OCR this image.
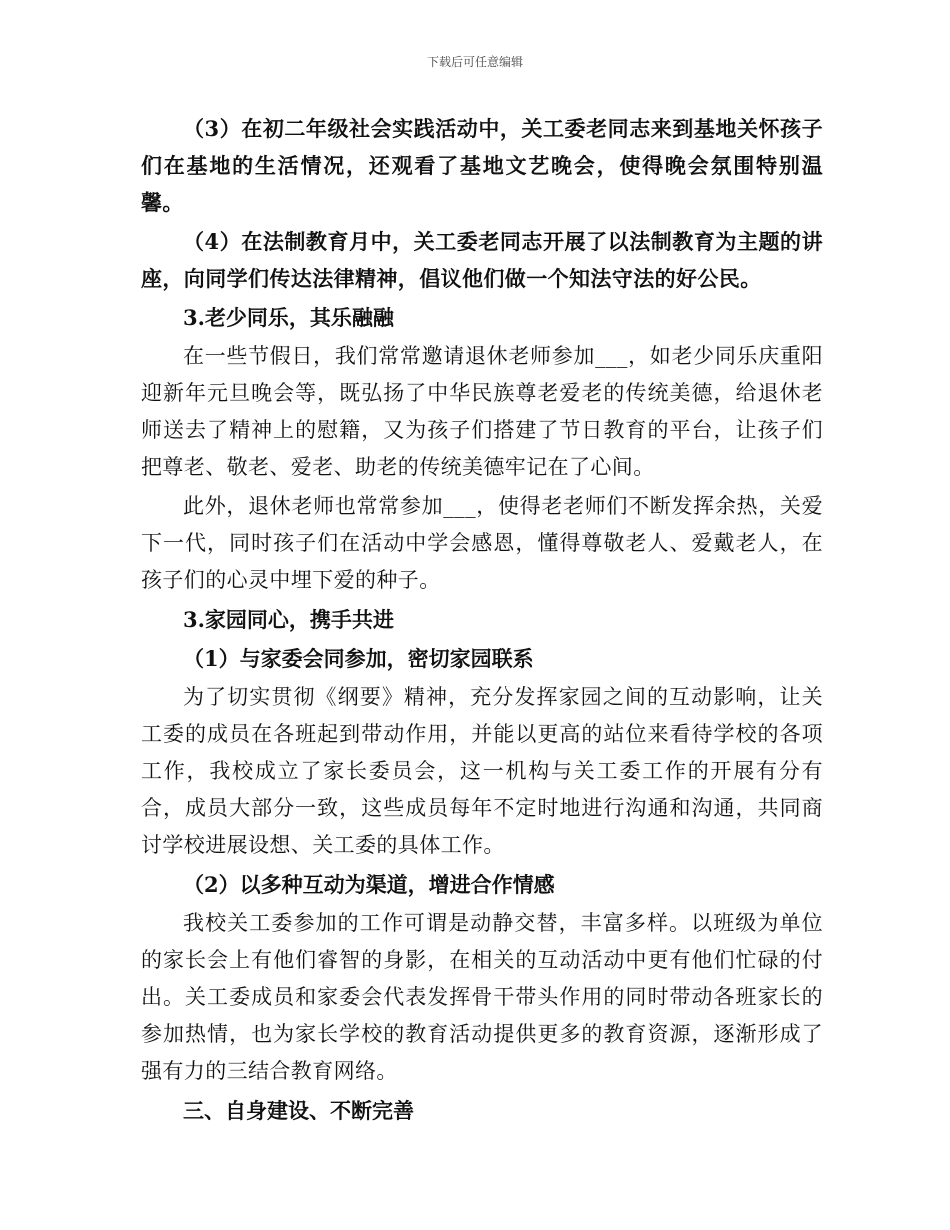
下载后可任意编辑

（3）在初二年级社会实践活动中，关工委老同志来到基地关怀孩子们在基地的生活情况，还观看了基地文艺晚会，使得晚会氛围特别温馨。

（4）在法制教育月中，关工委老同志开展了以法制教育为主题的讲座，向同学们传达法律精神，倡议他们做一个知法守法的好公民。

3.老少同乐，其乐融融

在一些节假日，我们常常邀请退休老师参加___，如老少同乐庆重阳迎新年元旦晚会等，既弘扬了中华民族尊老爱老的传统美德，给退休老师送去了精神上的慰籍，又为孩子们搭建了节日教育的平台，让孩子们把尊老、敬老、爱老、助老的传统美德牢记在了心间。

此外，退休老师也常常参加___，使得老老师们不断发挥余热，关爱下一代，同时孩子们在活动中学会感恩，懂得尊敬老人、爱戴老人，在孩子们的心灵中埋下爱的种子。

3.家园同心，携手共进

（1）与家委会同参加，密切家园联系

为了切实贯彻《纲要》精神，充分发挥家园之间的互动影响，让关工委的成员在各班起到带动作用，并能以更高的站位来看待学校的各项工作，我校成立了家长委员会，这一机构与关工委工作的开展有分有合，成员大部分一致，这些成员每年不定时地进行沟通和沟通，共同商讨学校进展设想、关工委的具体工作。

（2）以多种互动为渠道，增进合作情感

我校关工委参加的工作可谓是动静交替，丰富多样。以班级为单位的家长会上有他们睿智的身影，在相关的互动活动中更有他们忙碌的付出。关工委成员和家委会代表发挥骨干带头作用的同时带动各班家长的参加热情，也为家长学校的教育活动提供更多的教育资源，逐渐形成了强有力的三结合教育网络。

三、自身建设、不断完善
